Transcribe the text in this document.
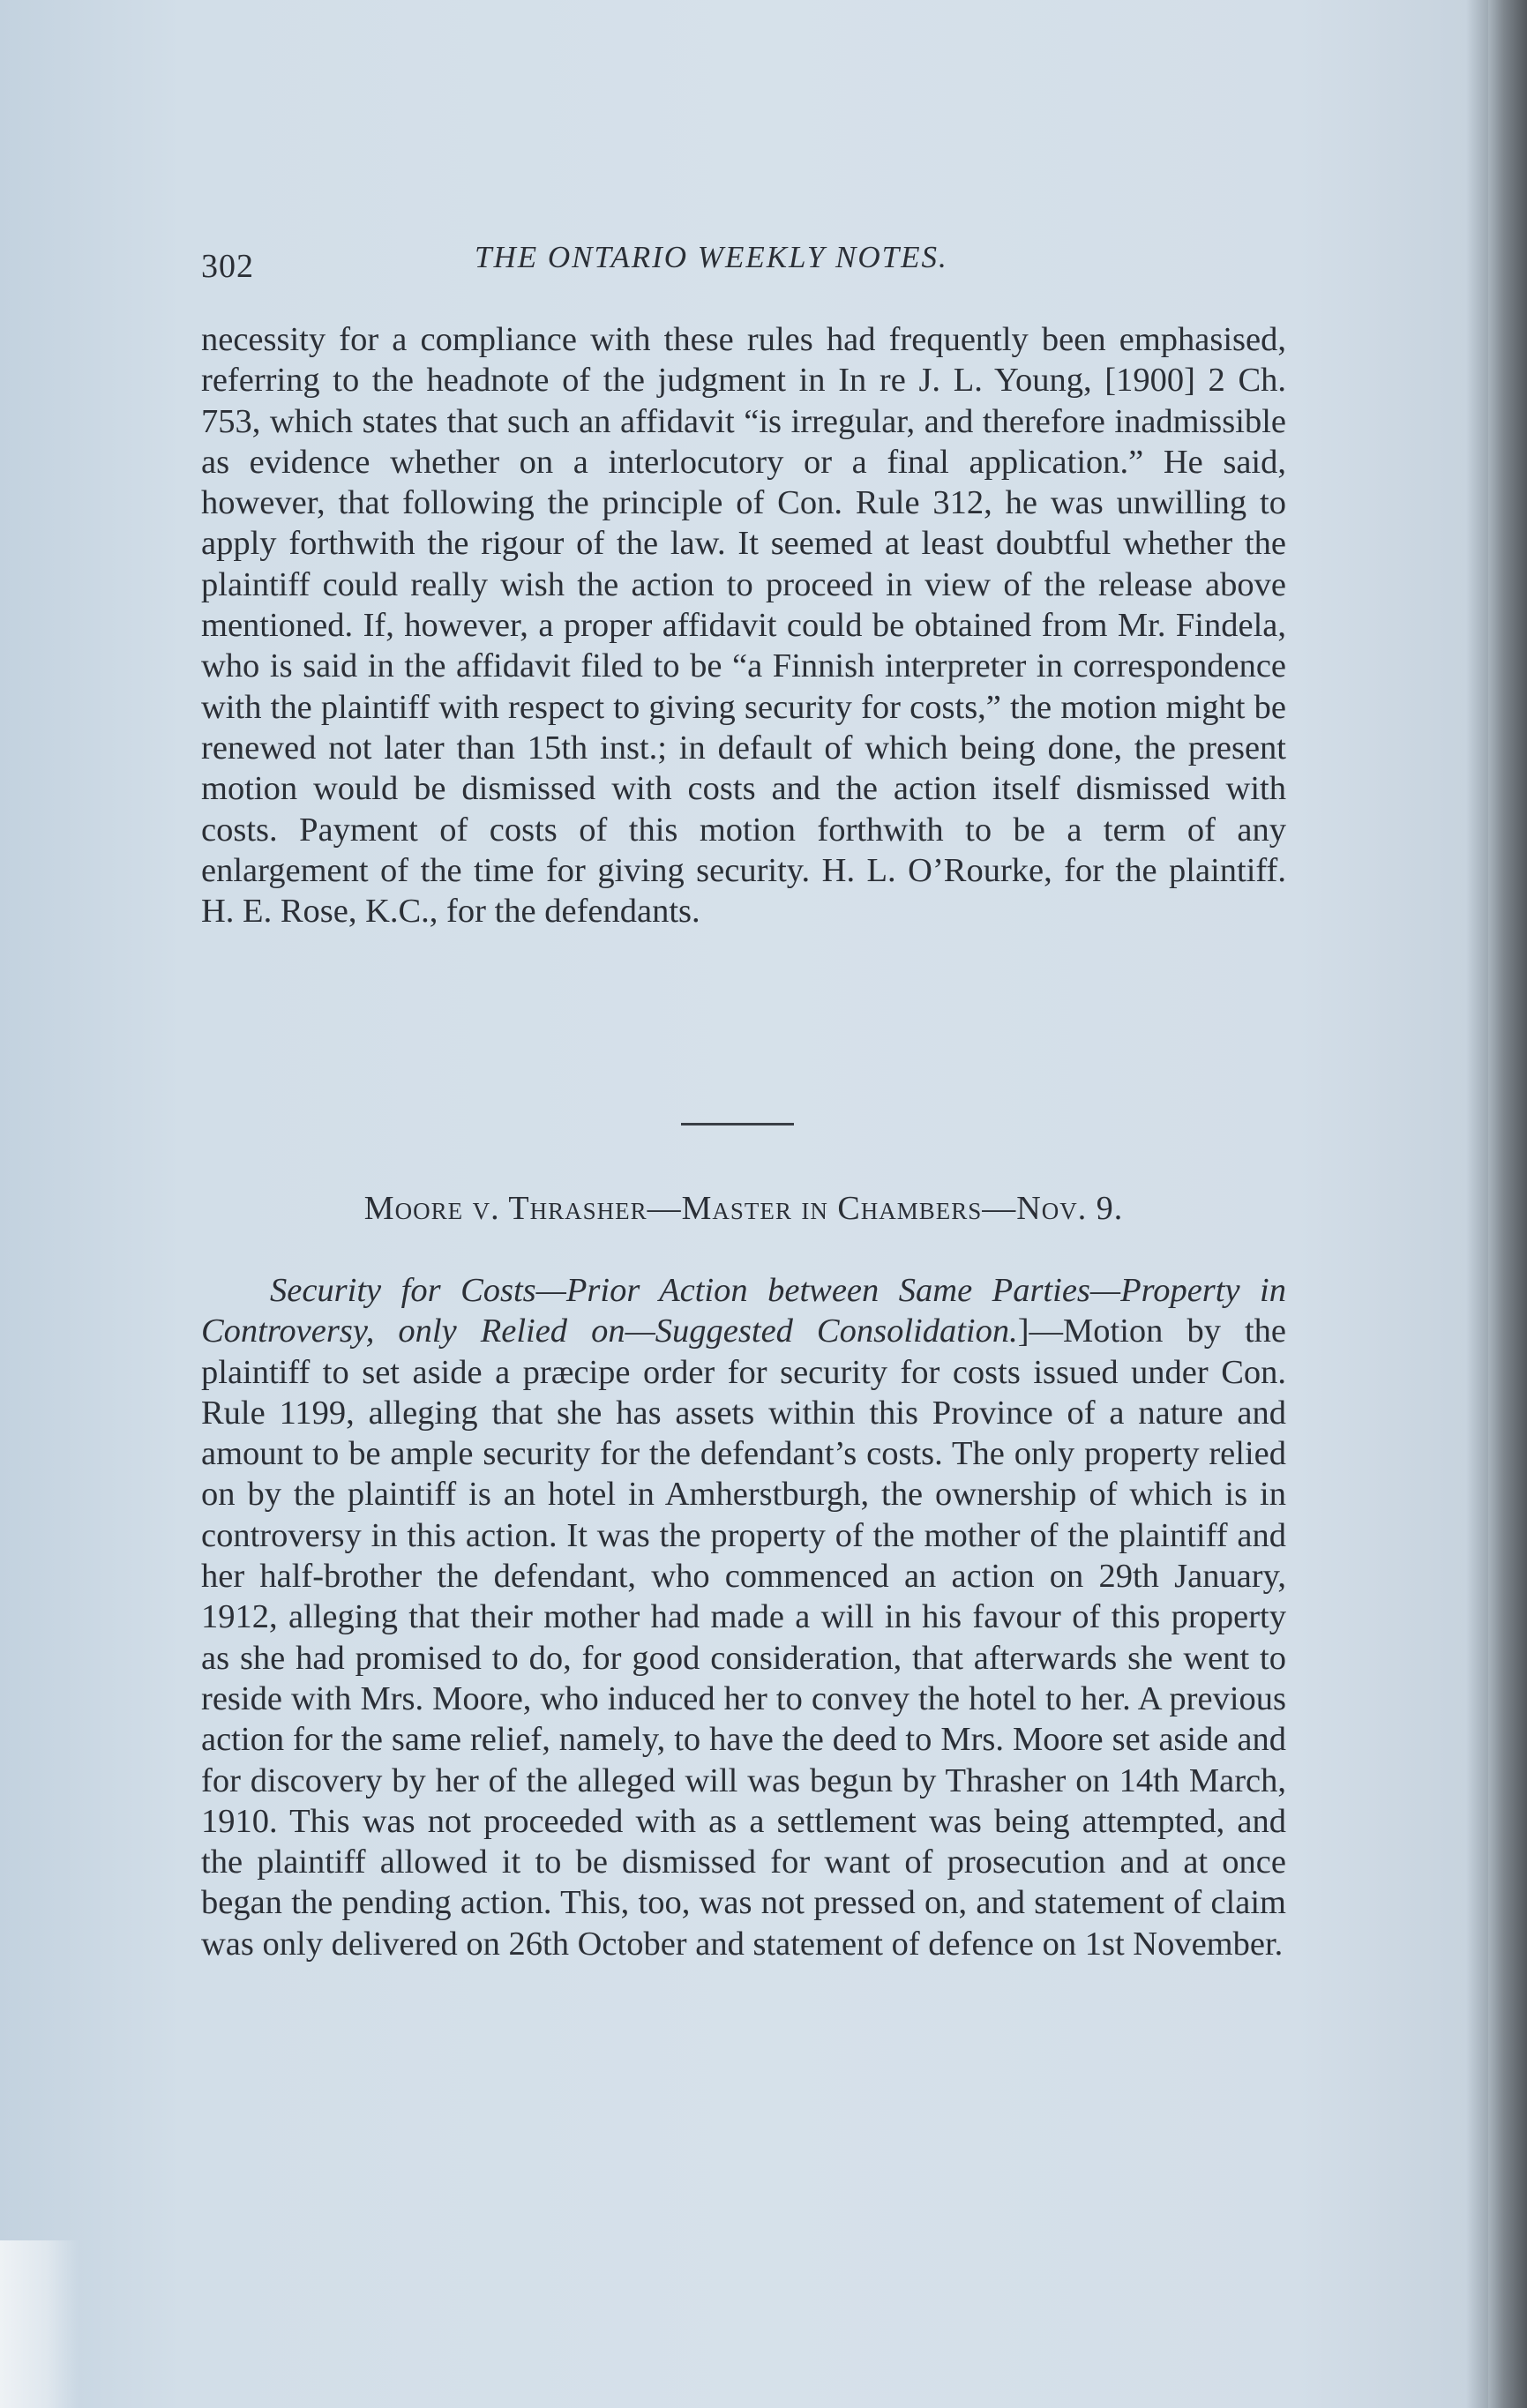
302	THE ONTARIO WEEKLY NOTES.

necessity for a compliance with these rules had frequently been emphasised, referring to the headnote of the judgment in In re J. L. Young, [1900] 2 Ch. 753, which states that such an affidavit “is irregular, and therefore inadmissible as evidence whether on a interlocutory or a final application.” He said, however, that following the principle of Con. Rule 312, he was unwilling to apply forthwith the rigour of the law. It seemed at least doubtful whether the plaintiff could really wish the action to proceed in view of the release above mentioned. If, however, a proper affidavit could be obtained from Mr. Findela, who is said in the affidavit filed to be “a Finnish interpreter in correspondence with the plaintiff with respect to giving security for costs,” the motion might be renewed not later than 15th inst.; in default of which being done, the present motion would be dismissed with costs and the action itself dismissed with costs. Payment of costs of this motion forthwith to be a term of any enlargement of the time for giving security. H. L. O’Rourke, for the plaintiff. H. E. Rose, K.C., for the defendants.

Moore v. Thrasher—Master in Chambers—Nov. 9.

Security for Costs—Prior Action between Same Parties—Property in Controversy, only Relied on—Suggested Consolidation.]—Motion by the plaintiff to set aside a præcipe order for security for costs issued under Con. Rule 1199, alleging that she has assets within this Province of a nature and amount to be ample security for the defendant’s costs. The only property relied on by the plaintiff is an hotel in Amherstburgh, the ownership of which is in controversy in this action. It was the property of the mother of the plaintiff and her half-brother the defendant, who commenced an action on 29th January, 1912, alleging that their mother had made a will in his favour of this property as she had promised to do, for good consideration, that afterwards she went to reside with Mrs. Moore, who induced her to convey the hotel to her. A previous action for the same relief, namely, to have the deed to Mrs. Moore set aside and for discovery by her of the alleged will was begun by Thrasher on 14th March, 1910. This was not proceeded with as a settlement was being attempted, and the plaintiff allowed it to be dismissed for want of prosecution and at once began the pending action. This, too, was not pressed on, and statement of claim was only delivered on 26th October and statement of defence on 1st November.
